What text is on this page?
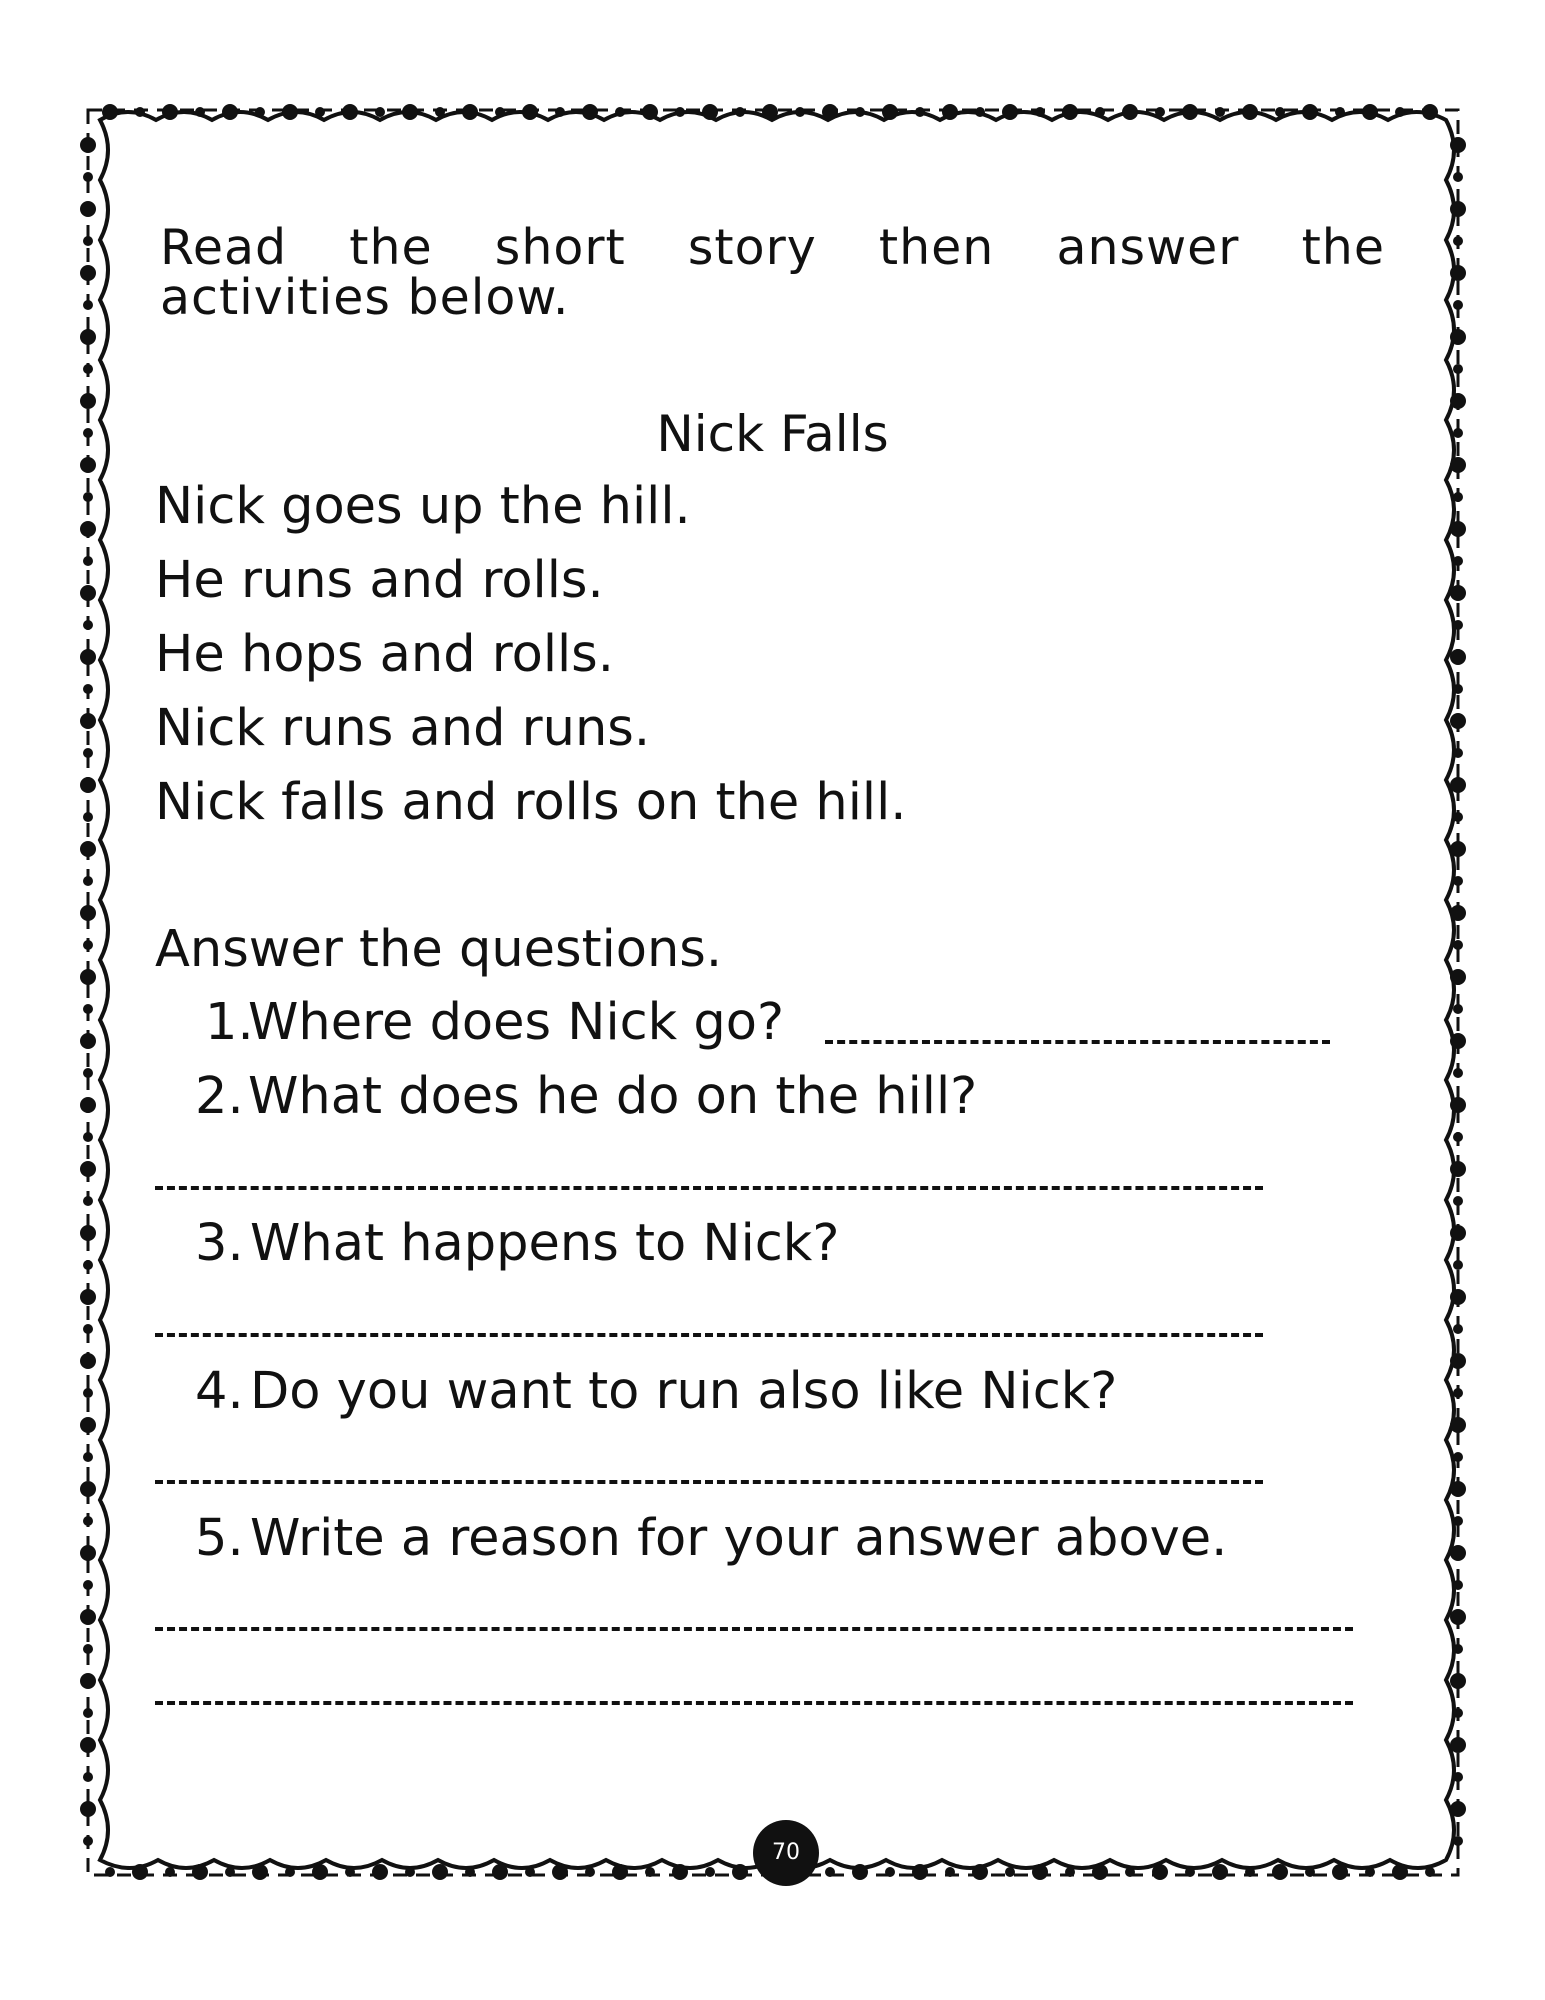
Read the short story then answer the
activities below.
Nick Falls
Nick goes up the hill.
He runs and rolls.
He hops and rolls.
Nick runs and runs.
Nick falls and rolls on the hill.
Answer the questions.
1.
Where does Nick go?
2. What does he do on the hill?
3. What happens to Nick?
4. Do you want to run also like Nick?
5. Write a reason for your answer above.
70
